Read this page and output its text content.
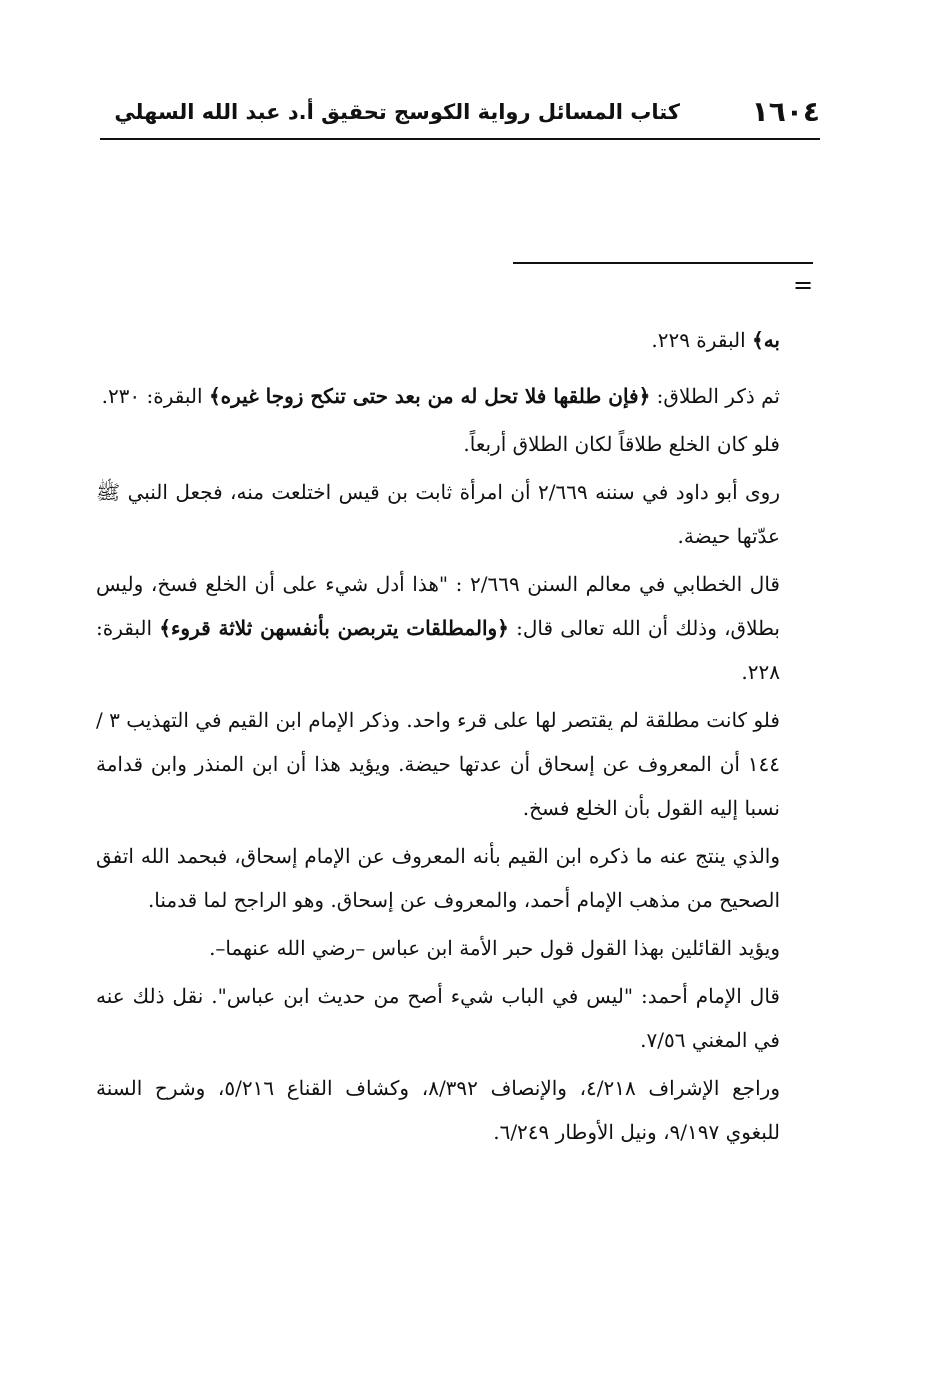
١٦٠٤
كتاب المسائل رواية الكوسج تحقيق أ.د عبد الله السهلي
=

به﴾ البقرة ٢٢٩.

ثم ذكر الطلاق: ﴿فإن طلقها فلا تحل له من بعد حتى تنكح زوجا غيره﴾ البقرة: ٢٣٠.

فلو كان الخلع طلاقاً لكان الطلاق أربعاً.

روى أبو داود في سننه ٢/٦٦٩ أن امرأة ثابت بن قيس اختلعت منه، فجعل النبي ﷺ عدّتها حيضة.

قال الخطابي في معالم السنن ٢/٦٦٩ : "هذا أدل شيء على أن الخلع فسخ، وليس بطلاق، وذلك أن الله تعالى قال: ﴿والمطلقات يتربصن بأنفسهن ثلاثة قروء﴾ البقرة: ٢٢٨.

فلو كانت مطلقة لم يقتصر لها على قرء واحد. وذكر الإمام ابن القيم في التهذيب ٣ /١٤٤ أن المعروف عن إسحاق أن عدتها حيضة. ويؤيد هذا أن ابن المنذر وابن قدامة نسبا إليه القول بأن الخلع فسخ.

والذي ينتج عنه ما ذكره ابن القيم بأنه المعروف عن الإمام إسحاق، فبحمد الله اتفق الصحيح من مذهب الإمام أحمد، والمعروف عن إسحاق. وهو الراجح لما قدمنا.

ويؤيد القائلين بهذا القول قول حبر الأمة ابن عباس –رضي الله عنهما–.

قال الإمام أحمد: "ليس في الباب شيء أصح من حديث ابن عباس". نقل ذلك عنه في المغني ٧/٥٦.

وراجع الإشراف ٤/٢١٨، والإنصاف ٨/٣٩٢، وكشاف القناع ٥/٢١٦، وشرح السنة للبغوي ٩/١٩٧، ونيل الأوطار ٦/٢٤٩.
